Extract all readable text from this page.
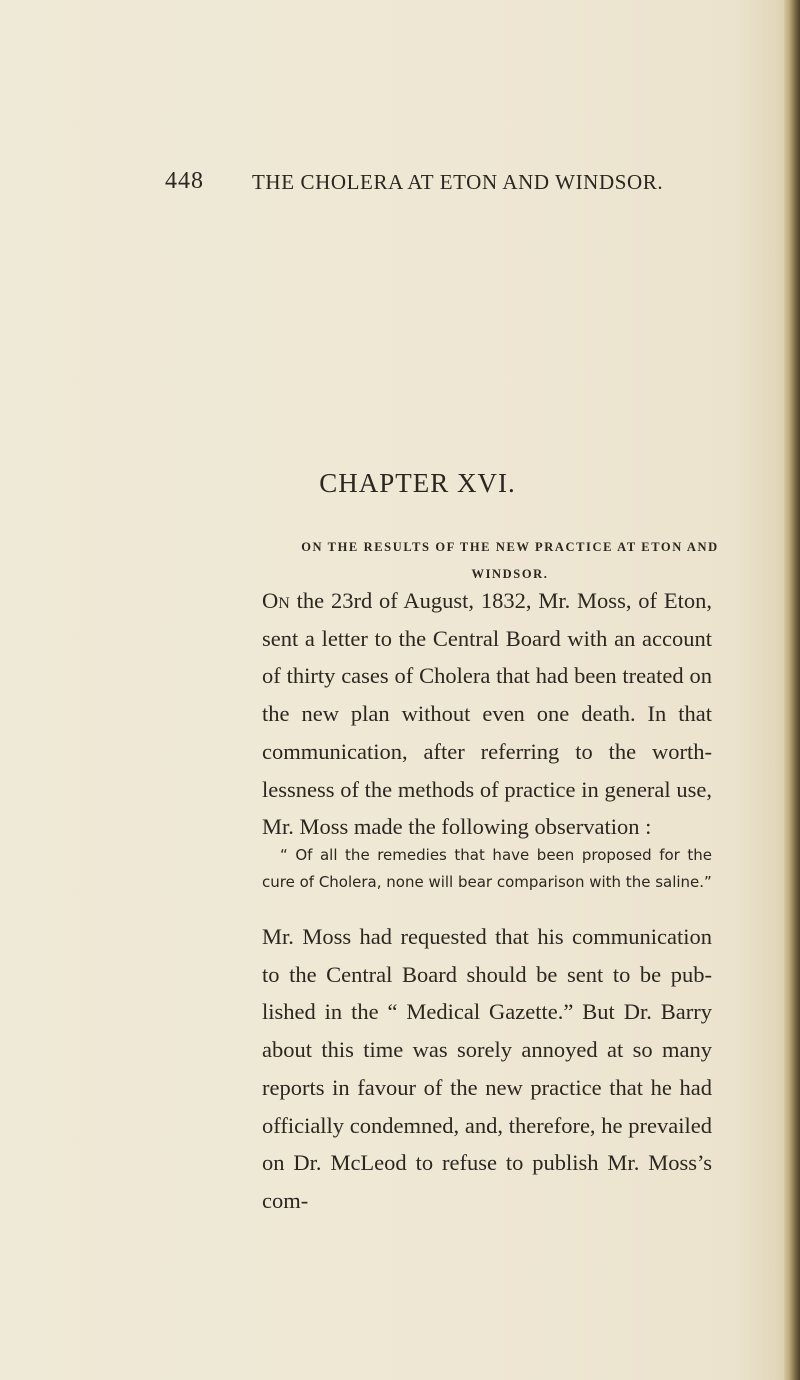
448 THE CHOLERA AT ETON AND WINDSOR.
CHAPTER XVI.
ON THE RESULTS OF THE NEW PRACTICE AT ETON AND WINDSOR.

On the 23rd of August, 1832, Mr. Moss, of Eton, sent a letter to the Central Board with an account of thirty cases of Cholera that had been treated on the new plan without even one death. In that communication, after referring to the worthlessness of the methods of practice in general use, Mr. Moss made the following observation :

“ Of all the remedies that have been proposed for the cure of Cholera, none will bear comparison with the saline.”

Mr. Moss had requested that his communication to the Central Board should be sent to be published in the “ Medical Gazette.” But Dr. Barry about this time was sorely annoyed at so many reports in favour of the new practice that he had officially condemned, and, therefore, he prevailed on Dr. McLeod to refuse to publish Mr. Moss’s com-
